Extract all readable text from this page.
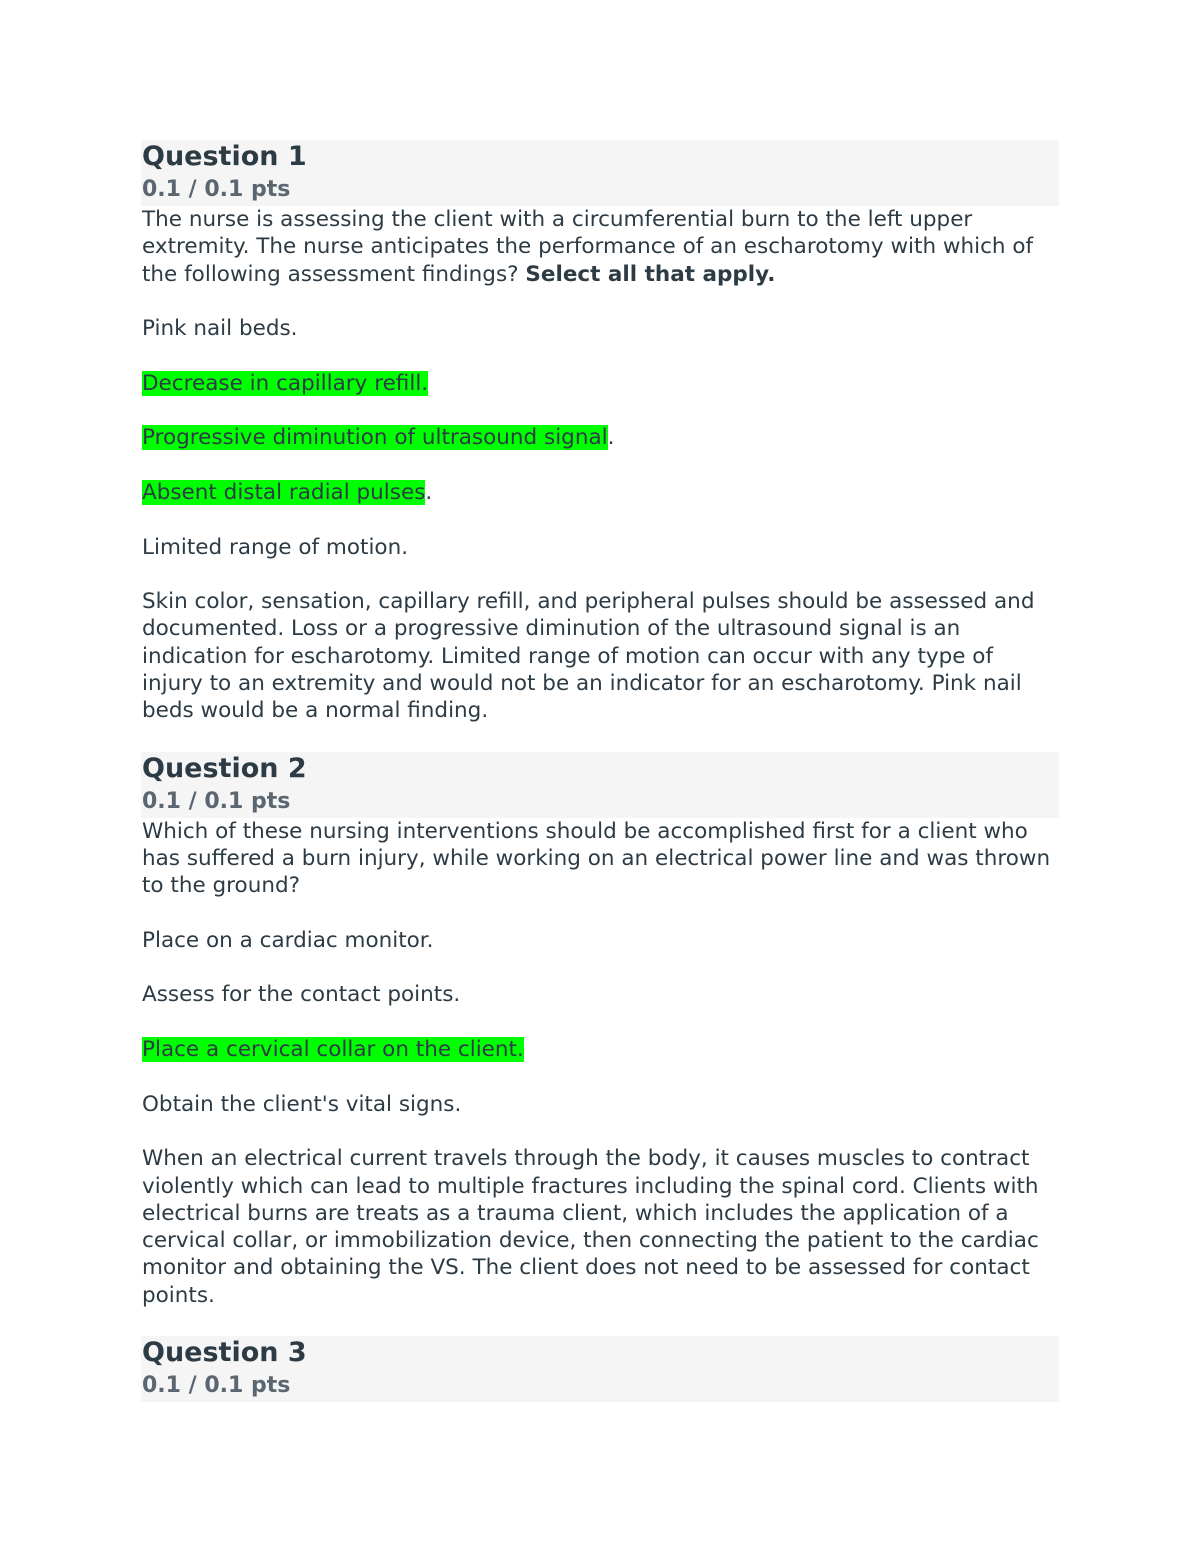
Question 1
0.1 / 0.1 pts

The nurse is assessing the client with a circumferential burn to the left upper extremity. The nurse anticipates the performance of an escharotomy with which of the following assessment findings? Select all that apply.

Pink nail beds.
Decrease in capillary refill.
Progressive diminution of ultrasound signal.
Absent distal radial pulses.
Limited range of motion.

Skin color, sensation, capillary refill, and peripheral pulses should be assessed and documented. Loss or a progressive diminution of the ultrasound signal is an indication for escharotomy. Limited range of motion can occur with any type of injury to an extremity and would not be an indicator for an escharotomy. Pink nail beds would be a normal finding.

Question 2
0.1 / 0.1 pts

Which of these nursing interventions should be accomplished first for a client who has suffered a burn injury, while working on an electrical power line and was thrown to the ground?

Place on a cardiac monitor.
Assess for the contact points.
Place a cervical collar on the client.
Obtain the client's vital signs.

When an electrical current travels through the body, it causes muscles to contract violently which can lead to multiple fractures including the spinal cord. Clients with electrical burns are treats as a trauma client, which includes the application of a cervical collar, or immobilization device, then connecting the patient to the cardiac monitor and obtaining the VS. The client does not need to be assessed for contact points.

Question 3
0.1 / 0.1 pts
